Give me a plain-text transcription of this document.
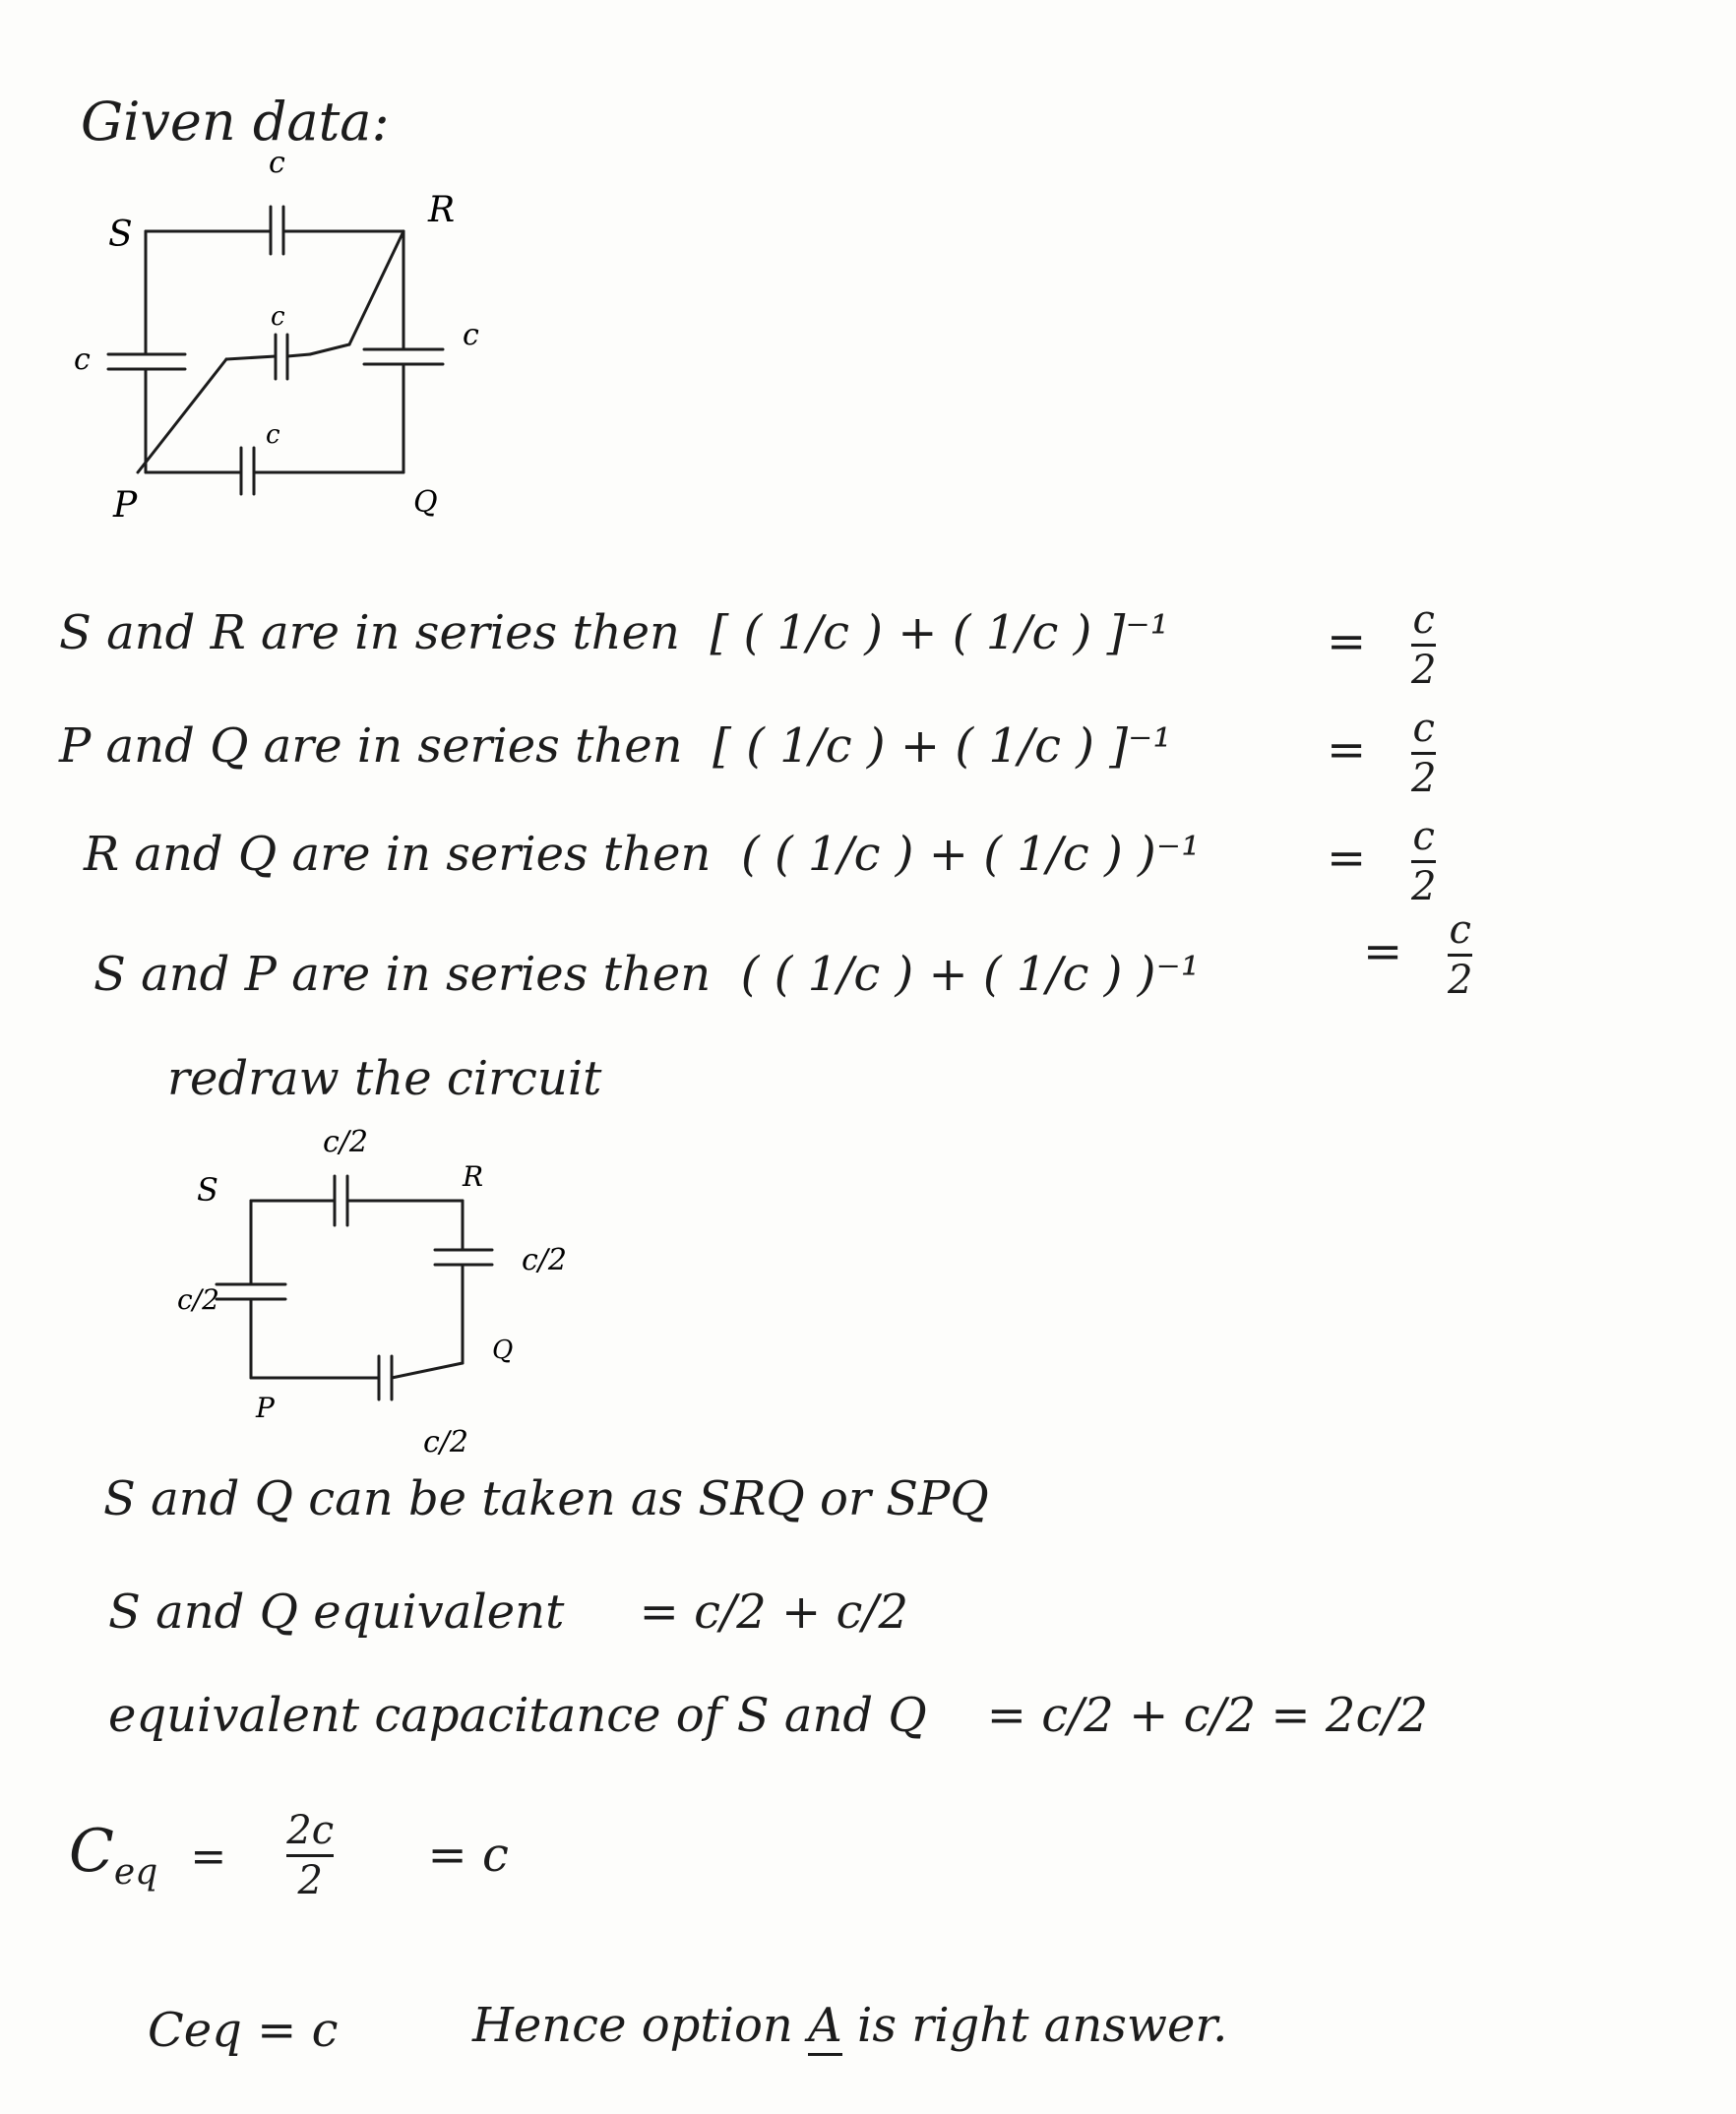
Given data:
S
R
P	Q
c
c
c
c
c
S and R are in series then [ ( 1/c ) + ( 1/c ) ]⁻¹	= $\frac{c}{2}$
P and Q are in series then [ ( 1/c ) + ( 1/c ) ]⁻¹	= $\frac{c}{2}$
R and Q are in series then ( ( 1/c ) + ( 1/c ) )⁻¹	= $\frac{c}{2}$
S and P are in series then ( ( 1/c ) + ( 1/c ) )⁻¹	= $\frac{c}{2}$
redraw the circuit
S	R
P
Q
c/2
c/2
c/2
c/2
S and Q can be taken as SRQ or SPQ
S and Q equivalent = c/2 + c/2
equivalent capacitance of S and Q = c/2 + c/2 = 2c/2
$C_{eq} = \frac{2c}{2} = c$
Ceq = c	Hence option A is right answer.
